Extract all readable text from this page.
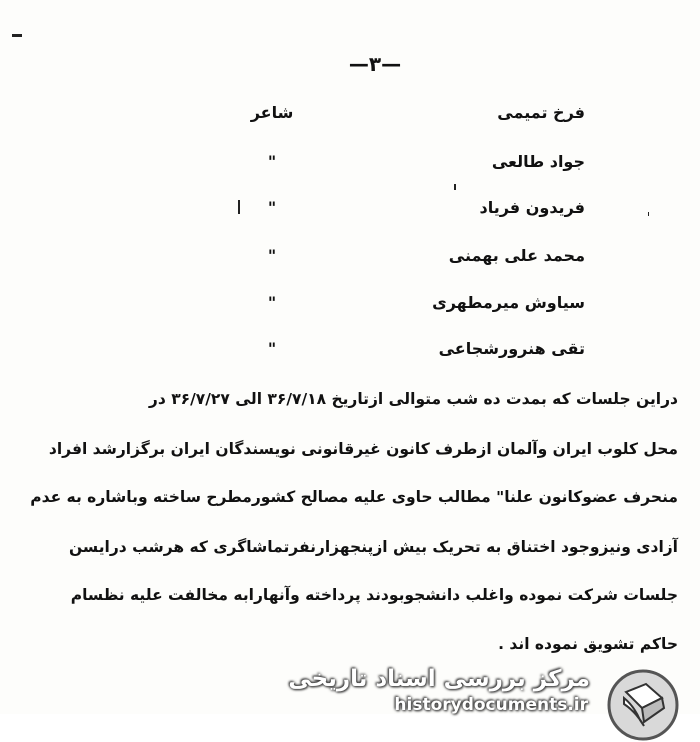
—٣—
فرخ تمیمی
شاعر
جواد طالعی
"
فریدون فریاد
"
محمد علی بهمنی
"
سیاوش میرمطهری
"
تقی هنرورشجاعی
"
دراین جلسات که بمدت ده شب متوالی ازتاریخ ۳۶/۷/۱۸ الی ۳۶/۷/۲۷ در
محل کلوب ایران وآلمان ازطرف کانون غیرقانونی نویسندگان ایران برگزارشد افراد
منحرف عضوکانون علنا" مطالب حاوی علیه مصالح کشورمطرح ساخته وباشاره به عدم
آزادی ونیزوجود اختناق به تحریک بیش ازپنجهزارنفرتماشاگری که هرشب درایسن
جلسات شرکت نموده واغلب دانشجوبودند پرداخته وآنهارابه مخالفت علیه نظسام
حاکم تشویق نموده اند .
مرکز بررسی اسناد تاریخی
historydocuments.ir
